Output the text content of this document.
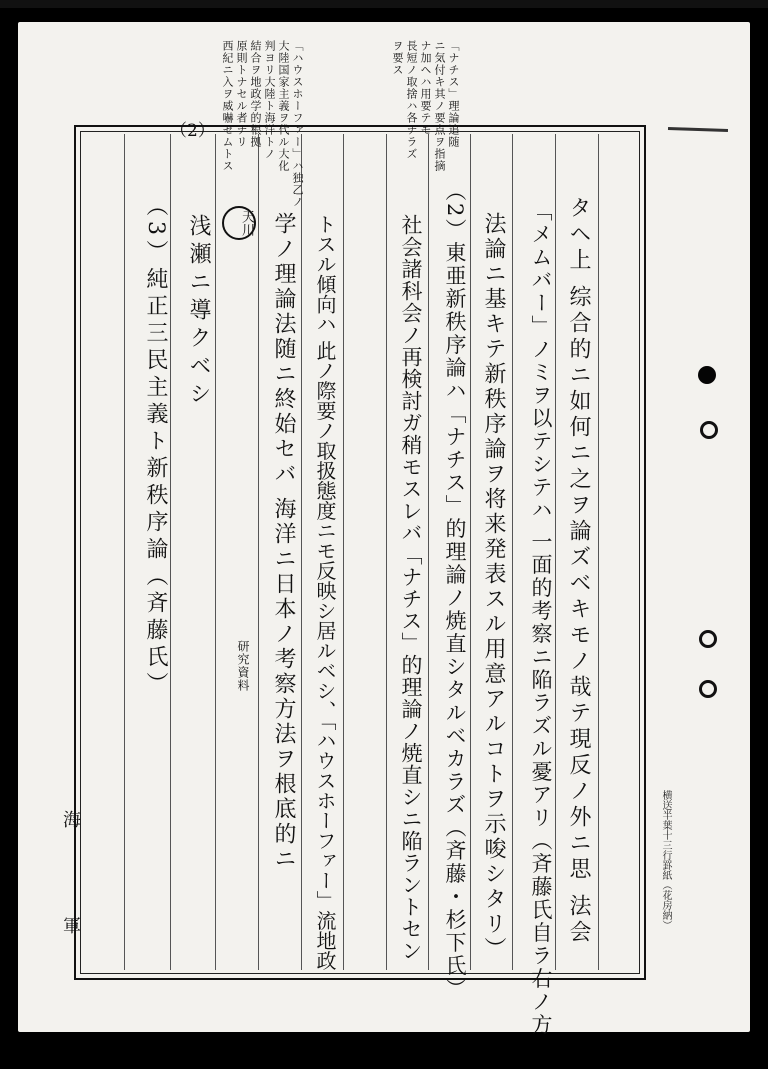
タヘ上 综合的ニ如何ニ之ヲ論ズベキモノ哉テ現反ノ外ニ思 法会
「メムバー」ノミヲ以テシテハ 一面的考察ニ陥ラズル憂アリ（斉藤氏自ラ右ノ方
法論ニ基キテ新秩序論ヲ将来発表スル用意アルコトヲ示唆シタリ）
（2）東亜新秩序論ハ「ナチス」的理論ノ焼直シタルベカラズ（斉藤・杉下氏）
社会諸科会ノ再検討ガ稍モスレバ「ナチス」的理論ノ焼直シニ陥ラントセン
トスル傾向ハ 此ノ際要ノ取扱態度ニモ反映シ居ルベシ、「ハウスホーファー」流地政
学ノ理論法随ニ終始セバ 海洋ニ日本ノ考察方法ヲ根底的ニ
浅瀬ニ導クベシ
（3）純正三民主義ト新秩序論（斉藤氏）
「ナチス」理論追随
ニ気付キ其ノ要点ヲ指摘
ナ加ヘハ用要テモ
長短ノ取捨ハ各ナラズ
ヲ要ス
「ハウスホーファー」ハ独乙ノ
大陸国家主義ヲ代ル大化
判ヨリ大陸ト海洋トノ
結合ヲ地政学的根拠
原則トナセル者ナリ
西紀ニ入ヲ威嚇セムトス
（2）
天川
研究資料
海
軍	横送半葉十三行罫紙（花房納）
